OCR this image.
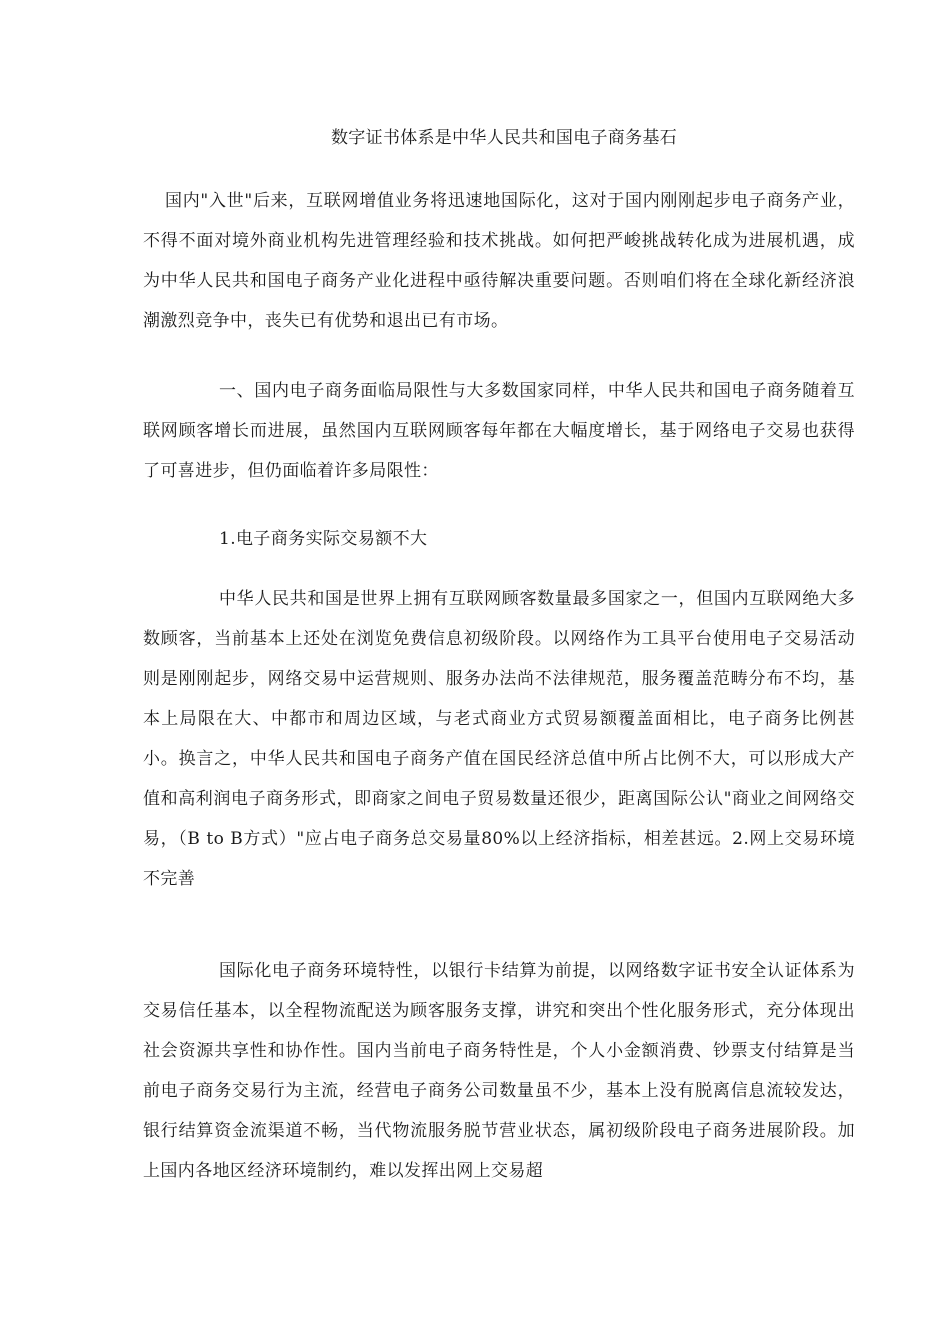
数字证书体系是中华人民共和国电子商务基石

国内"入世"后来，互联网增值业务将迅速地国际化，这对于国内刚刚起步电子商务产业，不得不面对境外商业机构先进管理经验和技术挑战。如何把严峻挑战转化成为进展机遇，成为中华人民共和国电子商务产业化进程中亟待解决重要问题。否则咱们将在全球化新经济浪潮激烈竞争中，丧失已有优势和退出已有市场。

一、国内电子商务面临局限性与大多数国家同样，中华人民共和国电子商务随着互联网顾客增长而进展，虽然国内互联网顾客每年都在大幅度增长，基于网络电子交易也获得了可喜进步，但仍面临着许多局限性：

1.电子商务实际交易额不大

中华人民共和国是世界上拥有互联网顾客数量最多国家之一，但国内互联网绝大多数顾客，当前基本上还处在浏览免费信息初级阶段。以网络作为工具平台使用电子交易活动则是刚刚起步，网络交易中运营规则、服务办法尚不法律规范，服务覆盖范畴分布不均，基本上局限在大、中都市和周边区域，与老式商业方式贸易额覆盖面相比，电子商务比例甚小。换言之，中华人民共和国电子商务产值在国民经济总值中所占比例不大，可以形成大产值和高利润电子商务形式，即商家之间电子贸易数量还很少，距离国际公认"商业之间网络交易，（B to B方式）"应占电子商务总交易量80%以上经济指标，相差甚远。2.网上交易环境不完善

国际化电子商务环境特性，以银行卡结算为前提，以网络数字证书安全认证体系为交易信任基本，以全程物流配送为顾客服务支撑，讲究和突出个性化服务形式，充分体现出社会资源共享性和协作性。国内当前电子商务特性是，个人小金额消费、钞票支付结算是当前电子商务交易行为主流，经营电子商务公司数量虽不少，基本上没有脱离信息流较发达，银行结算资金流渠道不畅，当代物流服务脱节营业状态，属初级阶段电子商务进展阶段。加上国内各地区经济环境制约，难以发挥出网上交易超
